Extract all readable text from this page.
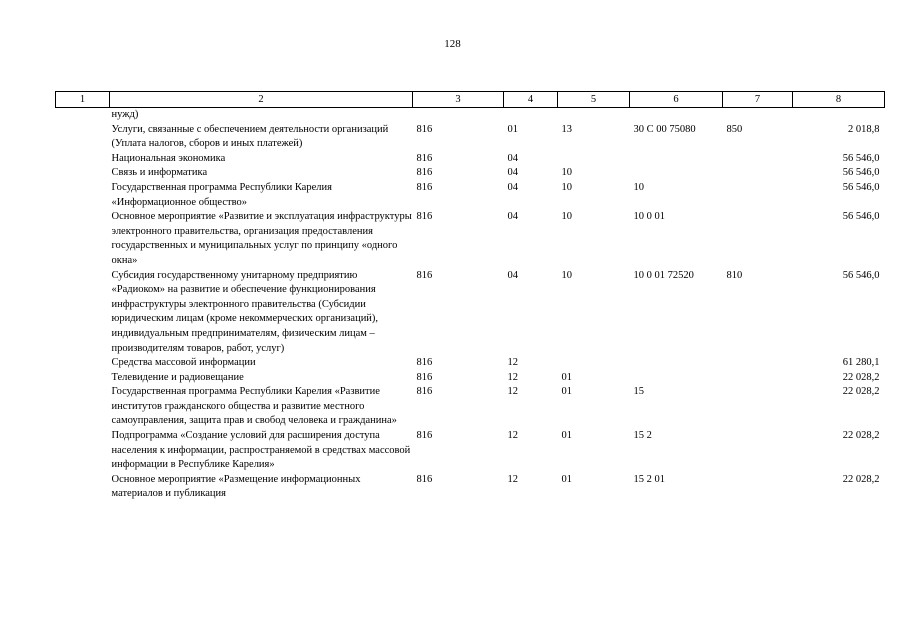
128
1	2	3	4	5	6	7	8
	нужд)						
	Услуги, связанные с обеспечением деятельности организаций (Уплата налогов, сборов и иных платежей)	816	01	13	30 С 00 75080	850	2 018,8
	Национальная экономика	816	04				56 546,0
	Связь и информатика	816	04	10			56 546,0
	Государственная программа Республики Карелия «Информационное общество»	816	04	10	10		56 546,0
	Основное мероприятие «Развитие и эксплуатация инфраструктуры электронного правительства, организация предоставления государственных и муниципальных услуг по принципу «одного окна»	816	04	10	10 0 01		56 546,0
	Субсидия государственному унитарному предприятию «Радиоком» на развитие и обеспечение функционирования инфраструктуры электронного правительства (Субсидии юридическим лицам (кроме некоммерческих организаций), индивидуальным предпринимателям, физическим лицам – производителям товаров, работ, услуг)	816	04	10	10 0 01 72520	810	56 546,0
	Средства массовой информации	816	12				61 280,1
	Телевидение и радиовещание	816	12	01			22 028,2
	Государственная программа Республики Карелия «Развитие институтов гражданского общества и развитие местного самоуправления, защита прав и свобод человека и гражданина»	816	12	01	15		22 028,2
	Подпрограмма «Создание условий для расширения доступа населения к информации, распространяемой в средствах массовой информации в Республике Карелия»	816	12	01	15 2		22 028,2
	Основное мероприятие «Размещение информационных материалов и публикация	816	12	01	15 2 01		22 028,2
